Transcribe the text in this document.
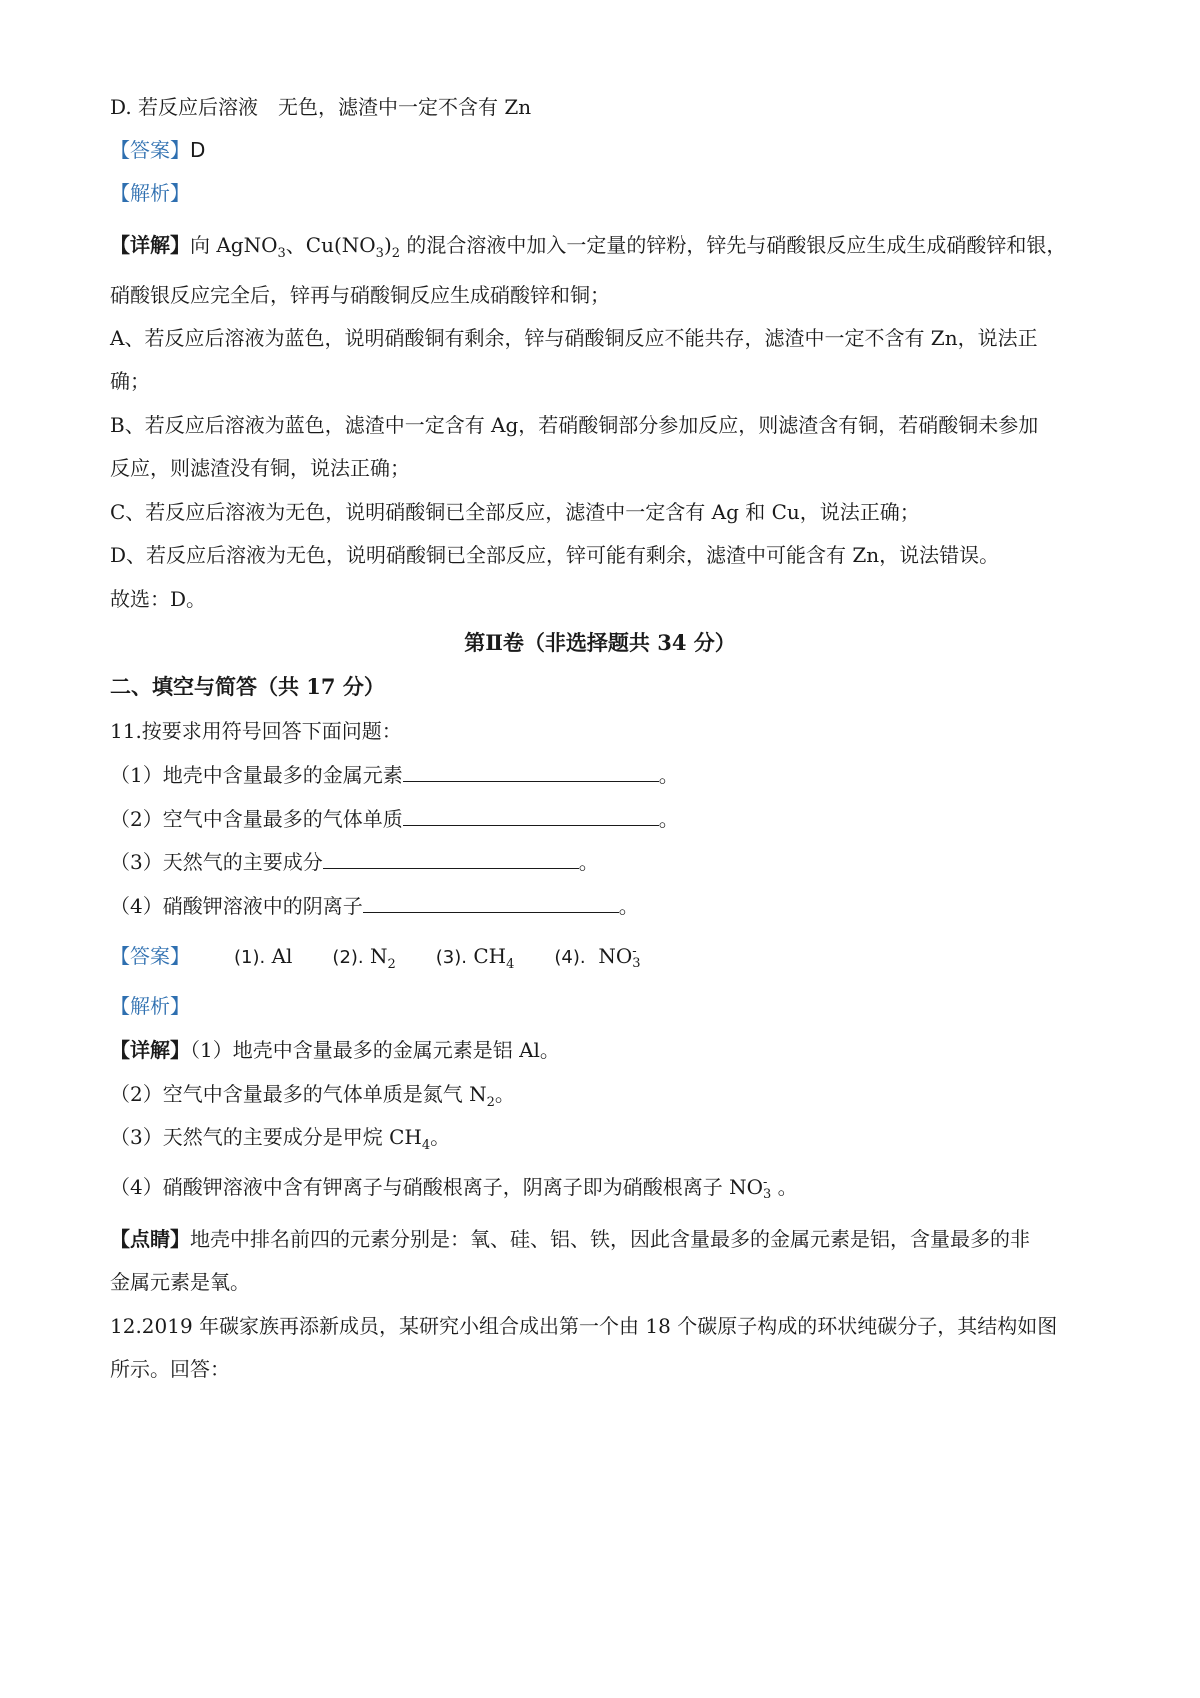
D. 若反应后溶液　无色，滤渣中一定不含有 Zn
【答案】D
【解析】
【详解】向 AgNO$_3$、$Cu(NO_3)_2$ 的混合溶液中加入一定量的锌粉，锌先与硝酸银反应生成生成硝酸锌和银，
硝酸银反应完全后，锌再与硝酸铜反应生成硝酸锌和铜；
A、若反应后溶液为蓝色，说明硝酸铜有剩余，锌与硝酸铜反应不能共存，滤渣中一定不含有 Zn，说法正
确；
B、若反应后溶液为蓝色，滤渣中一定含有 Ag，若硝酸铜部分参加反应，则滤渣含有铜，若硝酸铜未参加
反应，则滤渣没有铜，说法正确；
C、若反应后溶液为无色，说明硝酸铜已全部反应，滤渣中一定含有 Ag 和 Cu，说法正确；
D、若反应后溶液为无色，说明硝酸铜已全部反应，锌可能有剩余，滤渣中可能含有 Zn，说法错误。
故选：D。
第Ⅱ卷（非选择题共 34 分）
二、填空与简答（共 17 分）
11.按要求用符号回答下面问题：
（1）地壳中含量最多的金属元素	。
（2）空气中含量最多的气体单质	。
（3）天然气的主要成分	。
（4）硝酸钾溶液中的阴离子	。
【答案】 (1). Al (2). $N_2$ (3). $CH_4$ (4). NO -
3
【解析】
【详解】（1）地壳中含量最多的金属元素是铝 Al。
（2）空气中含量最多的气体单质是氮气 $N_2$。
（3）天然气的主要成分是甲烷 $CH_4$。
（4）硝酸钾溶液中含有钾离子与硝酸根离子，阴离子即为硝酸根离子 NO -
3 。
【点睛】地壳中排名前四的元素分别是：氧、硅、铝、铁，因此含量最多的金属元素是铝，含量最多的非
金属元素是氧。
12.2019 年碳家族再添新成员，某研究小组合成出第一个由 18 个碳原子构成的环状纯碳分子，其结构如图
所示。回答：
